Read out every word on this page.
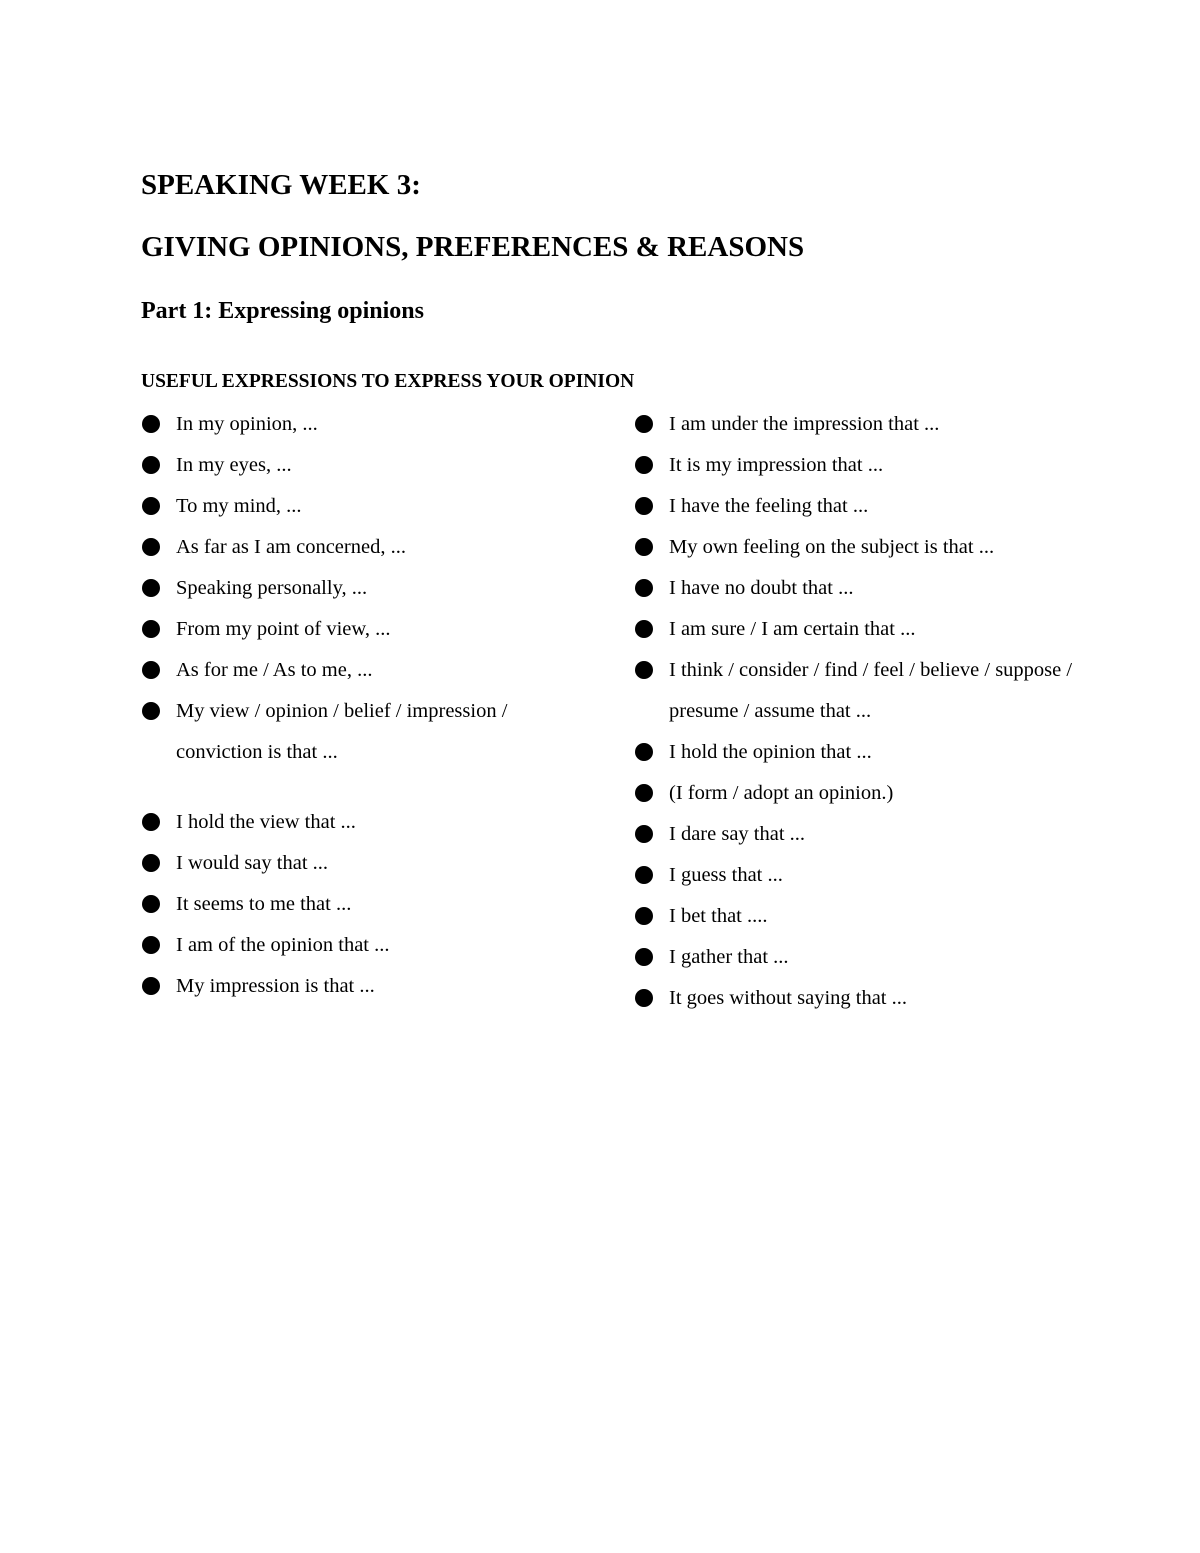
SPEAKING WEEK 3:
GIVING OPINIONS, PREFERENCES & REASONS
Part 1: Expressing opinions
USEFUL EXPRESSIONS TO EXPRESS YOUR OPINION
In my opinion, ...
In my eyes, ...
To my mind, ...
As far as I am concerned, ...
Speaking personally, ...
From my point of view, ...
As for me / As to me, ...
My view / opinion / belief / impression / conviction is that ...
I hold the view that ...
I would say that ...
It seems to me that ...
I am of the opinion that ...
My impression is that ...
I am under the impression that ...
It is my impression that ...
I have the feeling that ...
My own feeling on the subject is that ...
I have no doubt that ...
I am sure / I am certain that ...
I think / consider / find / feel / believe / suppose / presume / assume that ...
I hold the opinion that ...
(I form / adopt an opinion.)
I dare say that ...
I guess that ...
I bet that ....
I gather that ...
It goes without saying that ...
